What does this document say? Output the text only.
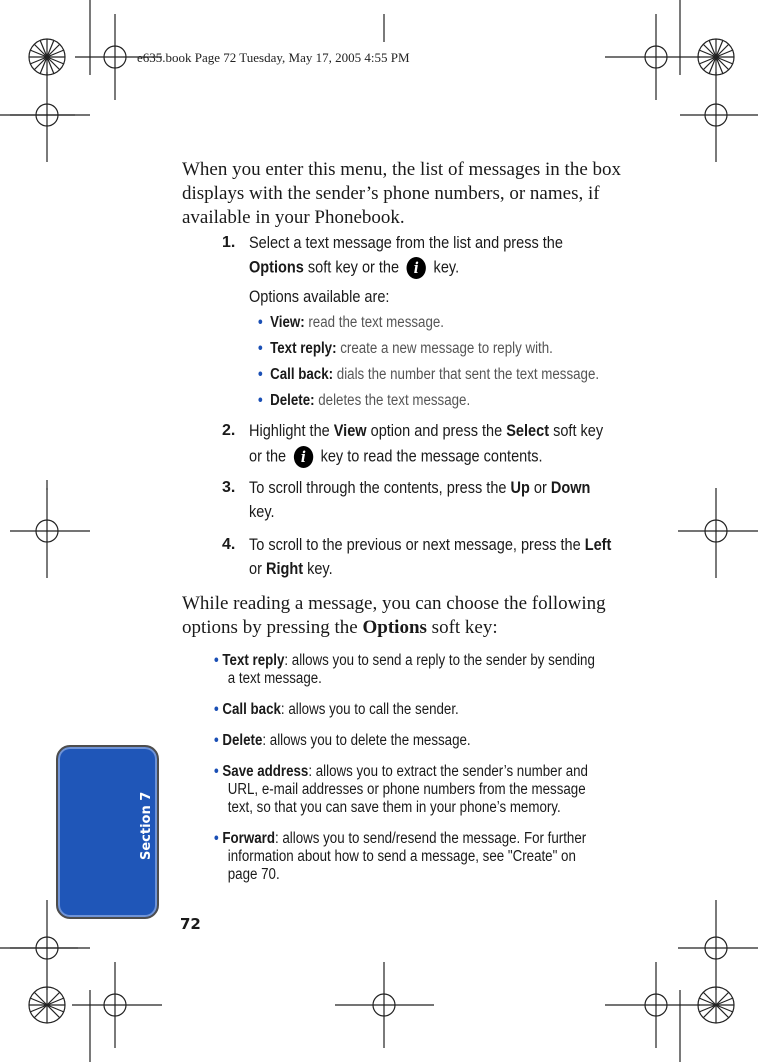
e635.book Page 72 Tuesday, May 17, 2005 4:55 PM
When you enter this menu, the list of messages in the box displays with the sender’s phone numbers, or names, if available in your Phonebook.
1. Select a text message from the list and press the
Options soft key or the i key.
Options available are:
• View: read the text message.
• Text reply: create a new message to reply with.
• Call back: dials the number that sent the text message.
• Delete: deletes the text message.
2. Highlight the View option and press the Select soft key
or the i key to read the message contents.
3. To scroll through the contents, press the Up or Down
key.
4. To scroll to the previous or next message, press the Left
or Right key.
While reading a message, you can choose the following options by pressing the Options soft key:
• Text reply: allows you to send a reply to the sender by sending
a text message.
• Call back: allows you to call the sender.
• Delete: allows you to delete the message.
• Save address: allows you to extract the sender’s number and
URL, e-mail addresses or phone numbers from the message
text, so that you can save them in your phone’s memory.
• Forward: allows you to send/resend the message. For further
information about how to send a message, see "Create" on
page 70.
Section 7
72
